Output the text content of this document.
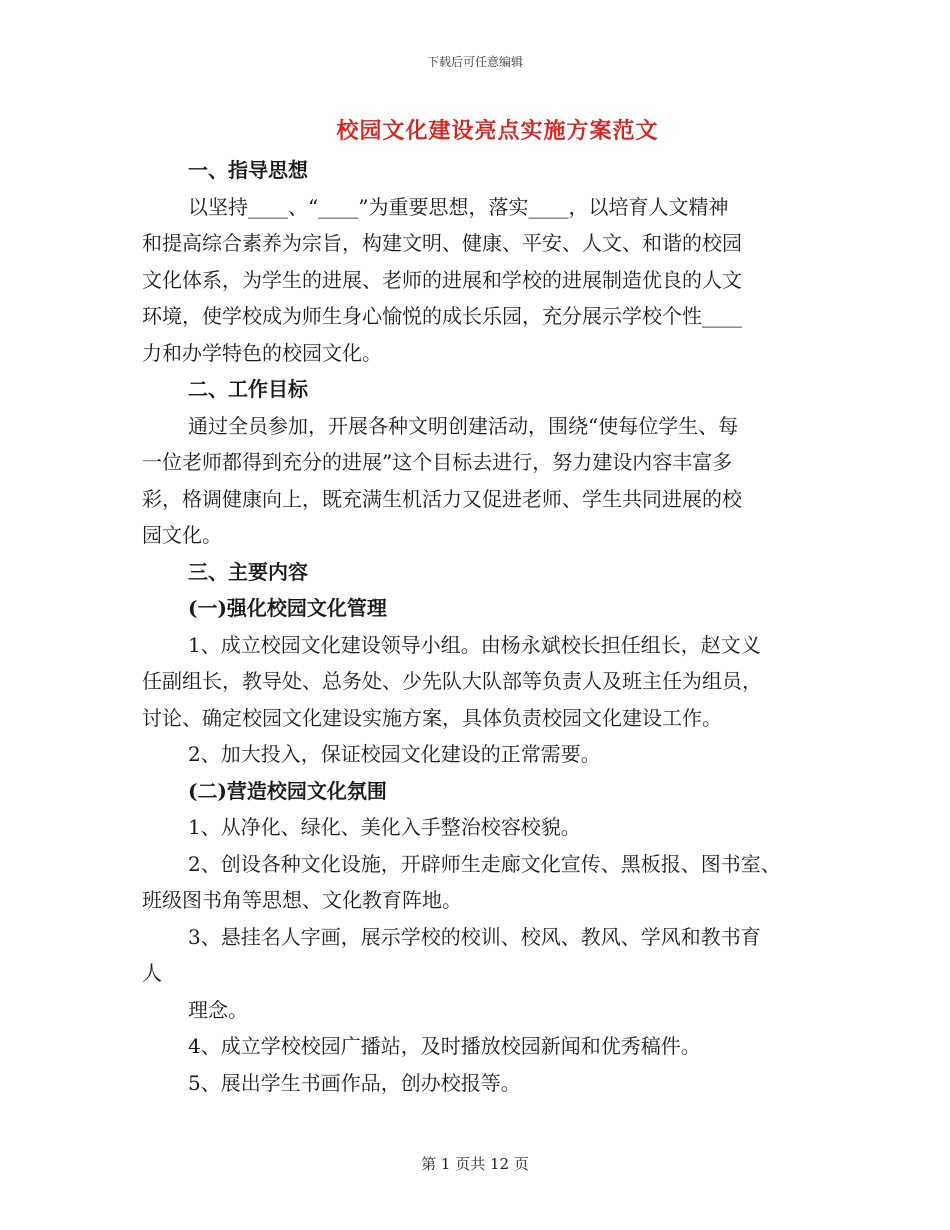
下载后可任意编辑
校园文化建设亮点实施方案范文
一、指导思想
以坚持____、“____”为重要思想，落实____，以培育人文精神
和提高综合素养为宗旨，构建文明、健康、平安、人文、和谐的校园
文化体系，为学生的进展、老师的进展和学校的进展制造优良的人文
环境，使学校成为师生身心愉悦的成长乐园，充分展示学校个性____
力和办学特色的校园文化。
二、工作目标
通过全员参加，开展各种文明创建活动，围绕“使每位学生、每
一位老师都得到充分的进展”这个目标去进行，努力建设内容丰富多
彩，格调健康向上，既充满生机活力又促进老师、学生共同进展的校
园文化。
三、主要内容
(一)强化校园文化管理
1、成立校园文化建设领导小组。由杨永斌校长担任组长，赵文义
任副组长，教导处、总务处、少先队大队部等负责人及班主任为组员，
讨论、确定校园文化建设实施方案，具体负责校园文化建设工作。
2、加大投入，保证校园文化建设的正常需要。
(二)营造校园文化氛围
1、从净化、绿化、美化入手整治校容校貌。
2、创设各种文化设施，开辟师生走廊文化宣传、黑板报、图书室、
班级图书角等思想、文化教育阵地。
3、悬挂名人字画，展示学校的校训、校风、教风、学风和教书育
人
理念。
4、成立学校校园广播站，及时播放校园新闻和优秀稿件。
5、展出学生书画作品，创办校报等。
第 1 页共 12 页
